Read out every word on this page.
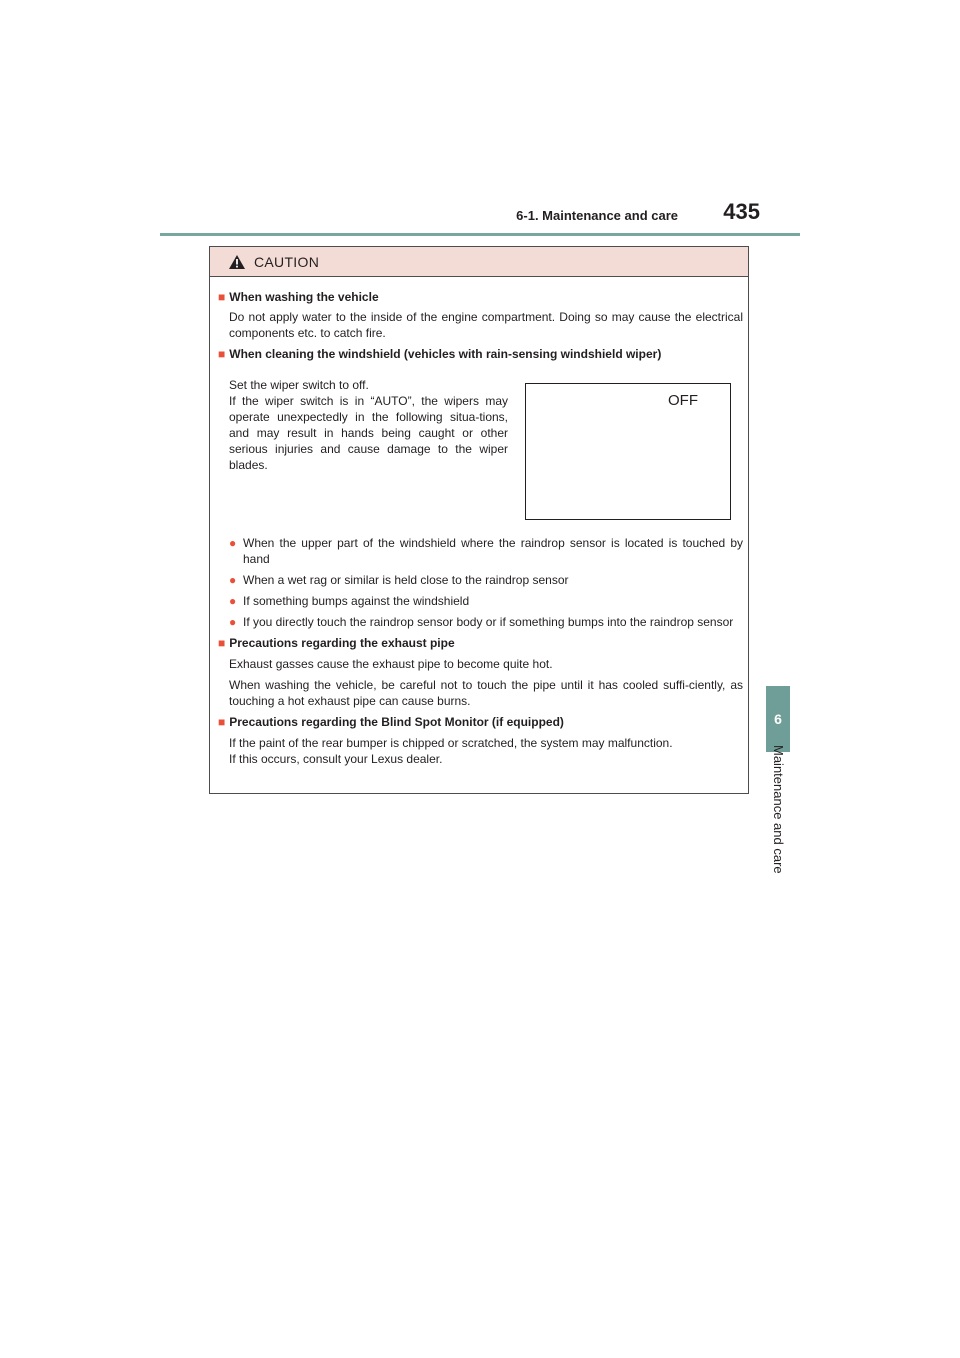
6-1. Maintenance and care	435
6
Maintenance and care
CAUTION
■ When washing the vehicle
Do not apply water to the inside of the engine compartment. Doing so may cause the electrical components etc. to catch fire.
■ When cleaning the windshield (vehicles with rain-sensing windshield wiper)
Set the wiper switch to off.
If the wiper switch is in “AUTO”, the wipers may operate unexpectedly in the following situa-tions, and may result in hands being caught or other serious injuries and cause damage to the wiper blades.
OFF
● When the upper part of the windshield where the raindrop sensor is located is touched by hand
● When a wet rag or similar is held close to the raindrop sensor
● If something bumps against the windshield
● If you directly touch the raindrop sensor body or if something bumps into the raindrop sensor
■ Precautions regarding the exhaust pipe
Exhaust gasses cause the exhaust pipe to become quite hot.
When washing the vehicle, be careful not to touch the pipe until it has cooled suffi-ciently, as touching a hot exhaust pipe can cause burns.
■ Precautions regarding the Blind Spot Monitor (if equipped)
If the paint of the rear bumper is chipped or scratched, the system may malfunction.
If this occurs, consult your Lexus dealer.
